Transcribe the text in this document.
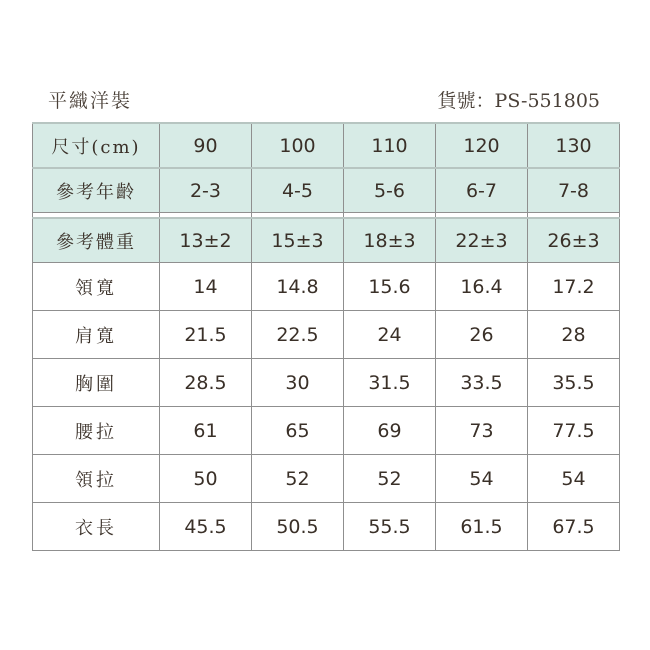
平織洋裝	貨號：PS-551805
尺寸(cm)	90	100	110	120	130
參考年齡	2-3	4-5	5-6	6-7	7-8

參考體重	13±2	15±3	18±3	22±3	26±3
領寬	14	14.8	15.6	16.4	17.2
肩寬	21.5	22.5	24	26	28
胸圍	28.5	30	31.5	33.5	35.5
腰拉	61	65	69	73	77.5
領拉	50	52	52	54	54
衣長	45.5	50.5	55.5	61.5	67.5
